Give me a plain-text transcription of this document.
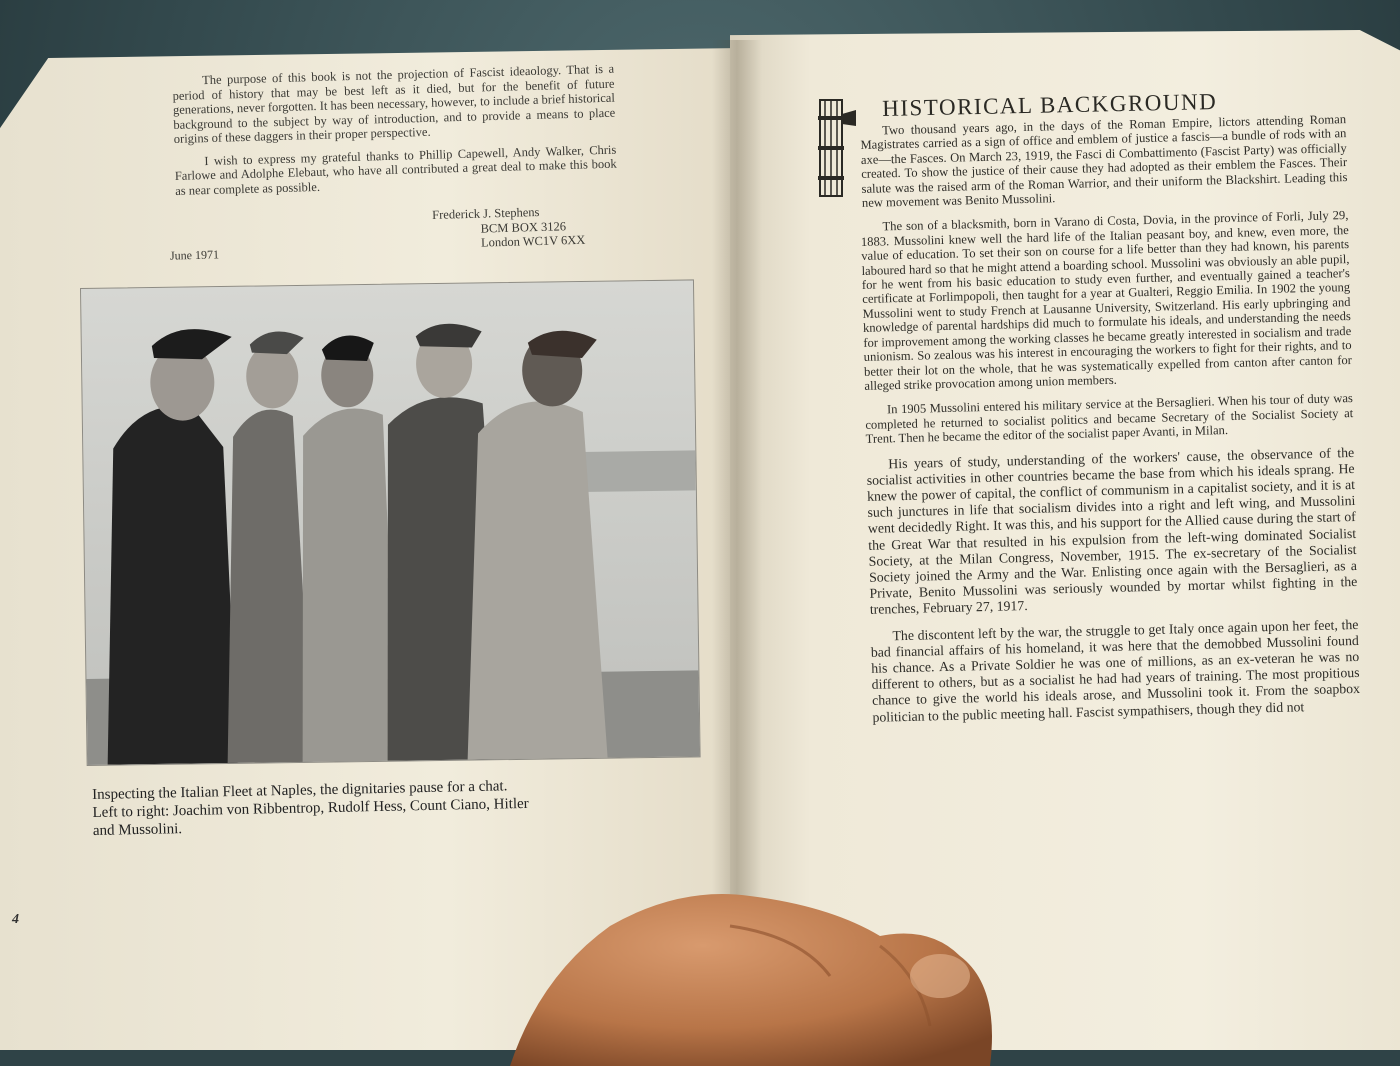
The purpose of this book is not the projection of Fascist ideaology. That is a period of history that may be best left as it died, but for the benefit of future generations, never forgotten. It has been necessary, however, to include a brief historical background to the subject by way of introduction, and to provide a means to place origins of these daggers in their proper perspective.

I wish to express my grateful thanks to Phillip Capewell, Andy Walker, Chris Farlowe and Adolphe Elebaut, who have all contributed a great deal to make this book as near complete as possible.

Frederick J. Stephens
BCM BOX 3126
London WC1V 6XX
June 1971
Inspecting the Italian Fleet at Naples, the dignitaries pause for a chat.
Left to right: Joachim von Ribbentrop, Rudolf Hess, Count Ciano, Hitler
and Mussolini.
4
HISTORICAL BACKGROUND

Two thousand years ago, in the days of the Roman Empire, lictors attending Roman Magistrates carried as a sign of office and emblem of justice a fascis—a bundle of rods with an axe—the Fasces. On March 23, 1919, the Fasci di Combattimento (Fascist Party) was officially created. To show the justice of their cause they had adopted as their emblem the Fasces. Their salute was the raised arm of the Roman Warrior, and their uniform the Blackshirt. Leading this new movement was Benito Mussolini.

The son of a blacksmith, born in Varano di Costa, Dovia, in the province of Forli, July 29, 1883. Mussolini knew well the hard life of the Italian peasant boy, and knew, even more, the value of education. To set their son on course for a life better than they had known, his parents laboured hard so that he might attend a boarding school. Mussolini was obviously an able pupil, for he went from his basic education to study even further, and eventually gained a teacher's certificate at Forlimpopoli, then taught for a year at Gualteri, Reggio Emilia. In 1902 the young Mussolini went to study French at Lausanne University, Switzerland. His early upbringing and knowledge of parental hardships did much to formulate his ideals, and understanding the needs for improvement among the working classes he became greatly interested in socialism and trade unionism. So zealous was his interest in encouraging the workers to fight for their rights, and to better their lot on the whole, that he was systematically expelled from canton after canton for alleged strike provocation among union members.

In 1905 Mussolini entered his military service at the Bersaglieri. When his tour of duty was completed he returned to socialist politics and became Secretary of the Socialist Society at Trent. Then he became the editor of the socialist paper Avanti, in Milan.

His years of study, understanding of the workers' cause, the observance of the socialist activities in other countries became the base from which his ideals sprang. He knew the power of capital, the conflict of communism in a capitalist society, and it is at such junctures in life that socialism divides into a right and left wing, and Mussolini went decidedly Right. It was this, and his support for the Allied cause during the start of the Great War that resulted in his expulsion from the left-wing dominated Socialist Society, at the Milan Congress, November, 1915. The ex-secretary of the Socialist Society joined the Army and the War. Enlisting once again with the Bersaglieri, as a Private, Benito Mussolini was seriously wounded by mortar whilst fighting in the trenches, February 27, 1917.

The discontent left by the war, the struggle to get Italy once again upon her feet, the bad financial affairs of his homeland, it was here that the demobbed Mussolini found his chance. As a Private Soldier he was one of millions, as an ex-veteran he was no different to others, but as a socialist he had had years of training. The most propitious chance to give the world his ideals arose, and Mussolini took it. From the soapbox politician to the public meeting hall. Fascist sympathisers, though they did not
